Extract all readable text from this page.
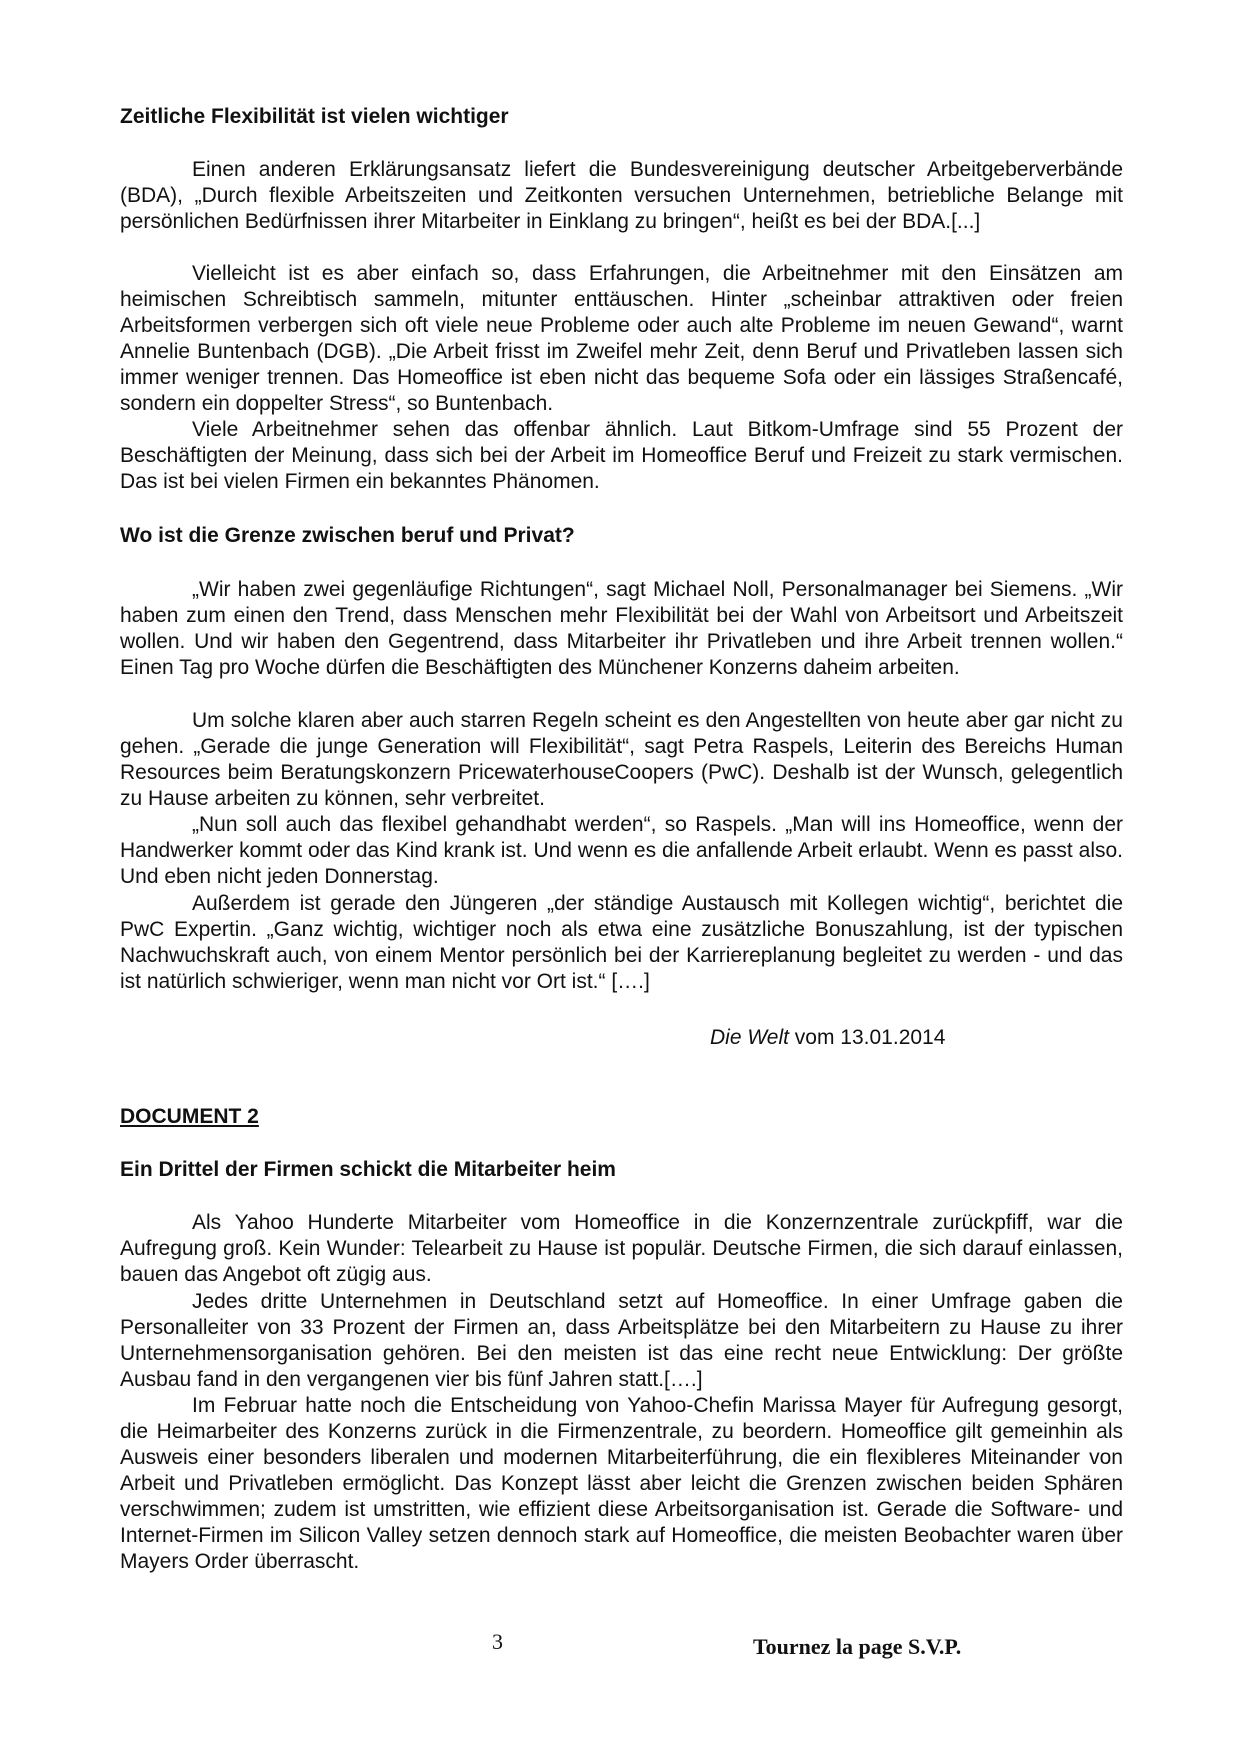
Zeitliche Flexibilität ist vielen wichtiger

Einen anderen Erklärungsansatz liefert die Bundesvereinigung deutscher Arbeitgeberverbände (BDA), „Durch flexible Arbeitszeiten und Zeitkonten versuchen Unternehmen, betriebliche Belange mit persönlichen Bedürfnissen ihrer Mitarbeiter in Einklang zu bringen“, heißt es bei der BDA.[...]

Vielleicht ist es aber einfach so, dass Erfahrungen, die Arbeitnehmer mit den Einsätzen am heimischen Schreibtisch sammeln, mitunter enttäuschen. Hinter „scheinbar attraktiven oder freien Arbeitsformen verbergen sich oft viele neue Probleme oder auch alte Probleme im neuen Gewand“, warnt Annelie Buntenbach (DGB). „Die Arbeit frisst im Zweifel mehr Zeit, denn Beruf und Privatleben lassen sich immer weniger trennen. Das Homeoffice ist eben nicht das bequeme Sofa oder ein lässiges Straßencafé, sondern ein doppelter Stress“, so Buntenbach.

Viele Arbeitnehmer sehen das offenbar ähnlich. Laut Bitkom-Umfrage sind 55 Prozent der Beschäftigten der Meinung, dass sich bei der Arbeit im Homeoffice Beruf und Freizeit zu stark vermischen. Das ist bei vielen Firmen ein bekanntes Phänomen.

Wo ist die Grenze zwischen beruf und Privat?

„Wir haben zwei gegenläufige Richtungen“, sagt Michael Noll, Personalmanager bei Siemens. „Wir haben zum einen den Trend, dass Menschen mehr Flexibilität bei der Wahl von Arbeitsort und Arbeitszeit wollen. Und wir haben den Gegentrend, dass Mitarbeiter ihr Privatleben und ihre Arbeit trennen wollen.“ Einen Tag pro Woche dürfen die Beschäftigten des Münchener Konzerns daheim arbeiten.

Um solche klaren aber auch starren Regeln scheint es den Angestellten von heute aber gar nicht zu gehen. „Gerade die junge Generation will Flexibilität“, sagt Petra Raspels, Leiterin des Bereichs Human Resources beim Beratungskonzern PricewaterhouseCoopers (PwC). Deshalb ist der Wunsch, gelegentlich zu Hause arbeiten zu können, sehr verbreitet.

„Nun soll auch das flexibel gehandhabt werden“, so Raspels. „Man will ins Homeoffice, wenn der Handwerker kommt oder das Kind krank ist. Und wenn es die anfallende Arbeit erlaubt. Wenn es passt also. Und eben nicht jeden Donnerstag.

Außerdem ist gerade den Jüngeren „der ständige Austausch mit Kollegen wichtig“, berichtet die PwC Expertin. „Ganz wichtig, wichtiger noch als etwa eine zusätzliche Bonuszahlung, ist der typischen Nachwuchskraft auch, von einem Mentor persönlich bei der Karriereplanung begleitet zu werden - und das ist natürlich schwieriger, wenn man nicht vor Ort ist.“ [….]

Die Welt vom 13.01.2014

DOCUMENT 2

Ein Drittel der Firmen schickt die Mitarbeiter heim

Als Yahoo Hunderte Mitarbeiter vom Homeoffice in die Konzernzentrale zurückpfiff, war die Aufregung groß. Kein Wunder: Telearbeit zu Hause ist populär. Deutsche Firmen, die sich darauf einlassen, bauen das Angebot oft zügig aus.

Jedes dritte Unternehmen in Deutschland setzt auf Homeoffice. In einer Umfrage gaben die Personalleiter von 33 Prozent der Firmen an, dass Arbeitsplätze bei den Mitarbeitern zu Hause zu ihrer Unternehmensorganisation gehören. Bei den meisten ist das eine recht neue Entwicklung: Der größte Ausbau fand in den vergangenen vier bis fünf Jahren statt.[….]

Im Februar hatte noch die Entscheidung von Yahoo-Chefin Marissa Mayer für Aufregung gesorgt, die Heimarbeiter des Konzerns zurück in die Firmenzentrale, zu beordern. Homeoffice gilt gemeinhin als Ausweis einer besonders liberalen und modernen Mitarbeiterführung, die ein flexibleres Miteinander von Arbeit und Privatleben ermöglicht. Das Konzept lässt aber leicht die Grenzen zwischen beiden Sphären verschwimmen; zudem ist umstritten, wie effizient diese Arbeitsorganisation ist. Gerade die Software- und Internet-Firmen im Silicon Valley setzen dennoch stark auf Homeoffice, die meisten Beobachter waren über Mayers Order überrascht.

3	Tournez la page S.V.P.
